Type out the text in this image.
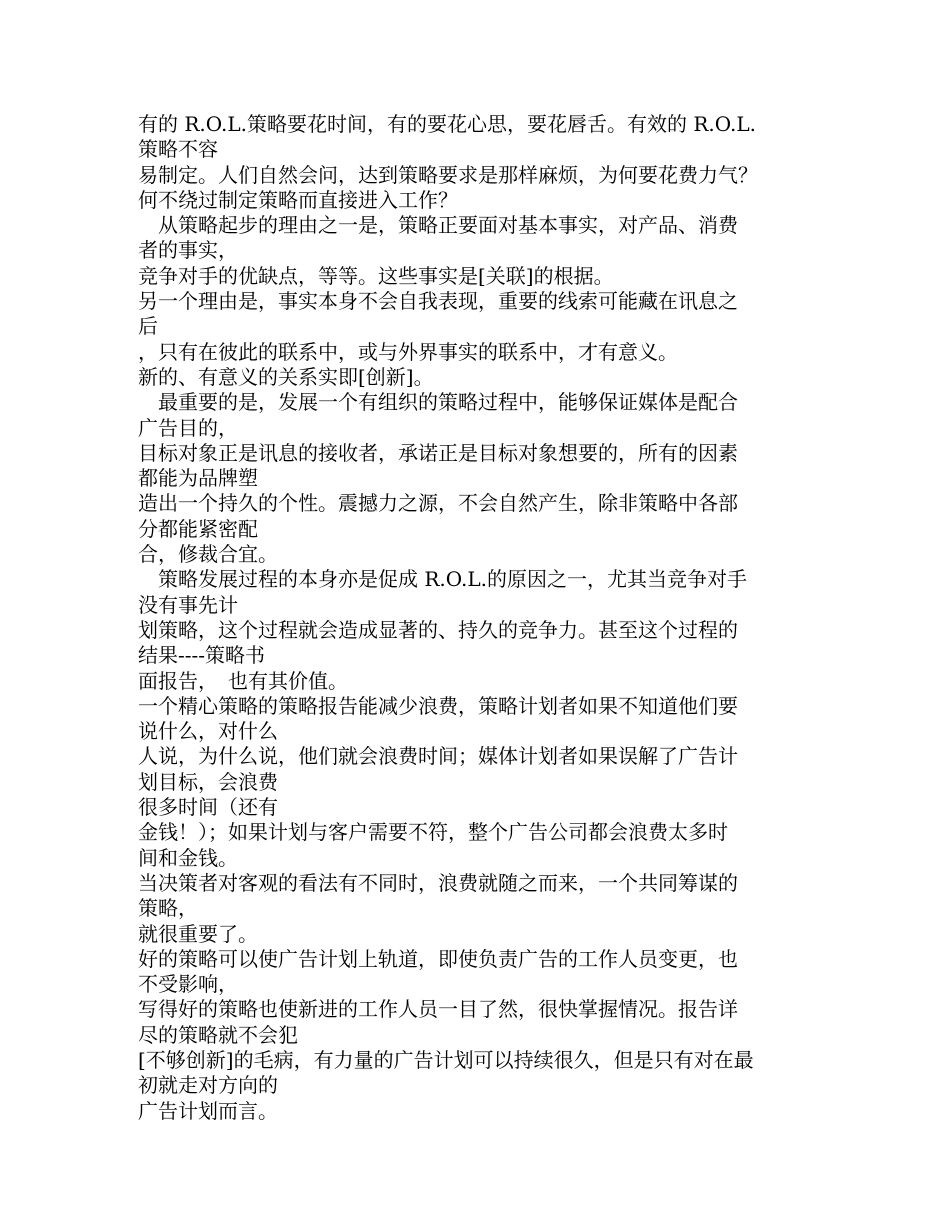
有的 R.O.L.策略要花时间，有的要花心思，要花唇舌。有效的 R.O.L.
策略不容
易制定。人们自然会问，达到策略要求是那样麻烦，为何要花费力气？
何不绕过制定策略而直接进入工作？
　从策略起步的理由之一是，策略正要面对基本事实，对产品、消费
者的事实，
竞争对手的优缺点，等等。这些事实是[关联]的根据。
另一个理由是，事实本身不会自我表现，重要的线索可能藏在讯息之
后
，只有在彼此的联系中，或与外界事实的联系中，才有意义。
新的、有意义的关系实即[创新]。
　最重要的是，发展一个有组织的策略过程中，能够保证媒体是配合
广告目的，
目标对象正是讯息的接收者，承诺正是目标对象想要的，所有的因素
都能为品牌塑
造出一个持久的个性。震撼力之源，不会自然产生，除非策略中各部
分都能紧密配
合，修裁合宜。
　策略发展过程的本身亦是促成 R.O.L.的原因之一，尤其当竞争对手
没有事先计
划策略，这个过程就会造成显著的、持久的竞争力。甚至这个过程的
结果----策略书
面报告，　也有其价值。
一个精心策略的策略报告能减少浪费，策略计划者如果不知道他们要
说什么，对什么
人说，为什么说，他们就会浪费时间；媒体计划者如果误解了广告计
划目标，会浪费
很多时间（还有
金钱！）；如果计划与客户需要不符，整个广告公司都会浪费太多时
间和金钱。
当决策者对客观的看法有不同时，浪费就随之而来，一个共同筹谋的
策略，
就很重要了。
好的策略可以使广告计划上轨道，即使负责广告的工作人员变更，也
不受影响，
写得好的策略也使新进的工作人员一目了然，很快掌握情况。报告详
尽的策略就不会犯
[不够创新]的毛病，有力量的广告计划可以持续很久，但是只有对在最
初就走对方向的
广告计划而言。
